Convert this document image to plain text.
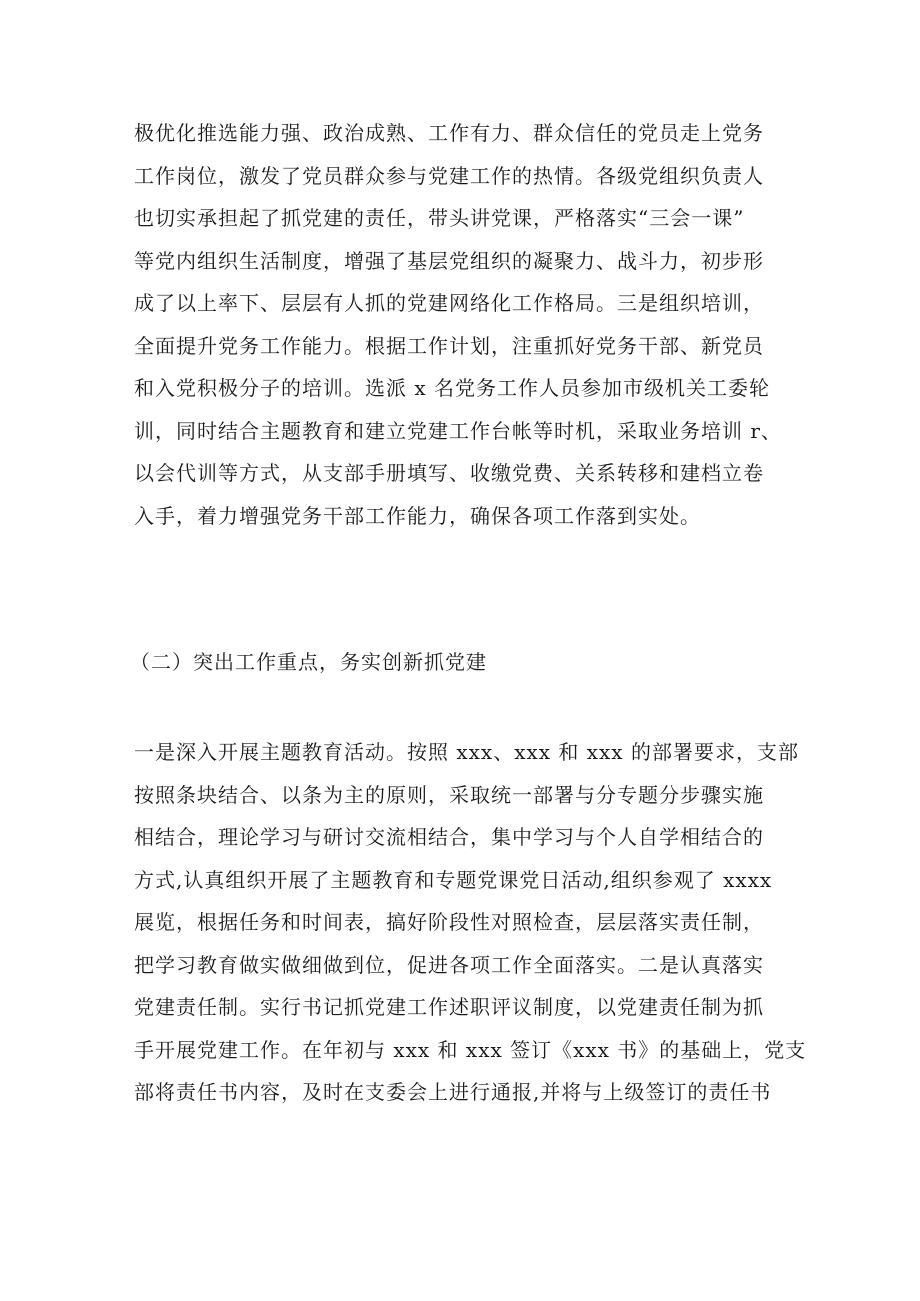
极优化推选能力强、政治成熟、工作有力、群众信任的党员走上党务
工作岗位，激发了党员群众参与党建工作的热情。各级党组织负责人
也切实承担起了抓党建的责任，带头讲党课，严格落实“三会一课”
等党内组织生活制度，增强了基层党组织的凝聚力、战斗力，初步形
成了以上率下、层层有人抓的党建网络化工作格局。三是组织培训，
全面提升党务工作能力。根据工作计划，注重抓好党务干部、新党员
和入党积极分子的培训。选派 x 名党务工作人员参加市级机关工委轮
训，同时结合主题教育和建立党建工作台帐等时机，采取业务培训 r、
以会代训等方式，从支部手册填写、收缴党费、关系转移和建档立卷
入手，着力增强党务干部工作能力，确保各项工作落到实处。
（二）突出工作重点，务实创新抓党建
一是深入开展主题教育活动。按照 xxx、xxx 和 xxx 的部署要求，支部
按照条块结合、以条为主的原则，采取统一部署与分专题分步骤实施
相结合，理论学习与研讨交流相结合，集中学习与个人自学相结合的
方式,认真组织开展了主题教育和专题党课党日活动,组织参观了 xxxx
展览，根据任务和时间表，搞好阶段性对照检查，层层落实责任制，
把学习教育做实做细做到位，促进各项工作全面落实。二是认真落实
党建责任制。实行书记抓党建工作述职评议制度，以党建责任制为抓
手开展党建工作。在年初与 xxx 和 xxx 签订《xxx 书》的基础上，党支
部将责任书内容，及时在支委会上进行通报,并将与上级签订的责任书
